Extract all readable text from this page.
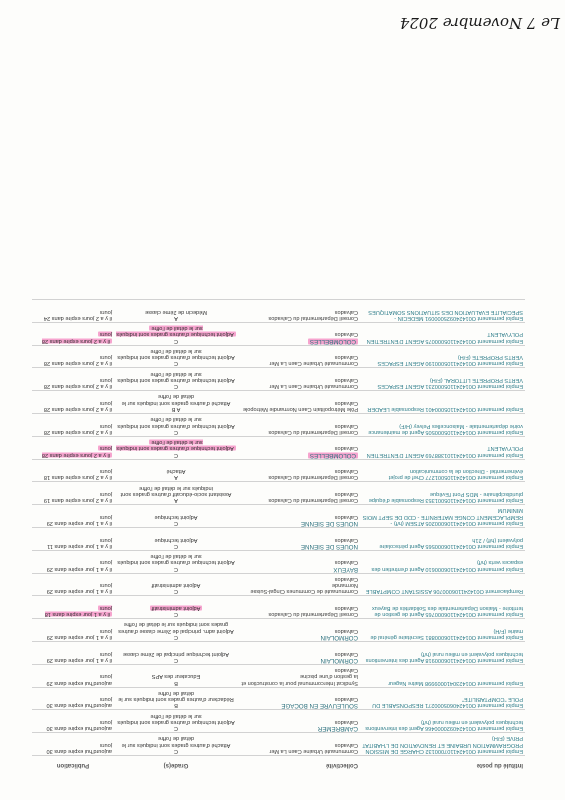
Intitulé du poste
Collectivité
Grade(s)
Publication
Emploi permanent O014241107000132 CHARGE DE MISSION PROGRAMMATION URBAINE ET RENOVATION DE L'HABITAT PRIVE (F/H)
Communauté Urbaine Caen La Mer
Calvados
C
Attaché d'autres grades sont indiqués sur le détail de l'offre
aujourd'hui expire dans 30 jours
Emploi permanent O014240920000466 Agent des interventions techniques polyvalent en milieu rural (h/f)
CAMBREMER
Calvados
C
Adjoint technique d'autres grades sont indiqués sur le détail de l'offre
aujourd'hui expire dans 30 jours
Emploi permanent O014240605000271 RESPONSABLE DU POLE "COMPTABILITE"
SOULEUVRE EN BOCAGE
Calvados
B
Rédacteur d'autres grades sont indiqués sur le détail de l'offre
aujourd'hui expire dans 30 jours
Emploi permanent O014230410009998 Maitre Nageur
Syndicat Intercommunal pour la construction et la gestion d'une piscine
Calvados
B
Educateur des APS
aujourd'hui expire dans 29 jours
Emploi permanent O014241106000918 Agent des interventions techniques polyvalent en milieu rural (h/f)
CORMOLAIN
Calvados
C
Adjoint technique principal de 2ème classe
il y a 1 jour expire dans 29 jours
Emploi permanent O014241106000881 Secrétaire général de mairie (F/H)
CORMOLAIN
Calvados
C
Adjoint adm. principal de 2ème classe d'autres grades sont indiqués sur le détail de l'offre
il y a 1 jour expire dans 29 jours
Emploi permanent O014241106000765 Agent de gestion de territoire - Maison Départementale des Solidarités de Bayeux
Conseil Départemental du Calvados
Calvados
C
Adjoint administratif
il y a 1 jour expire dans 18 jours
Remplacement O014241106000706 ASSISTANT COMPTABLE
Communauté de Communes Cingal-Suisse Normande
Calvados
C
Adjoint administratif
il y a 1 jour expire dans 29 jours
Emploi permanent O014241106000610 Agent d'entretien des espaces verts (h/f)
BAYEUX
Calvados
C
Adjoint technique d'autres grades sont indiqués sur le détail de l'offre
il y a 1 jour expire dans 29 jours
Emploi permanent O014241106000565 Agent périscolaire polyvalent (h/f) / 21h
NOUES DE SIENNE
Calvados
C
Adjoint technique
il y a 1 jour expire dans 11 jours
Emploi permanent O014241106000205 ATSEM (h/f) - REMPLACEMENT CONGE MATERNITE - CDD DE SEPT MOIS MINIMUM
NOUES DE SIENNE
Calvados
C
Adjoint technique
il y a 1 jour expire dans 29 jours
Emploi permanent O014241105001353 Responsable d'équipe pluridisciplinaire - MDS Pont l'Evêque
Conseil Départemental du Calvados
Calvados
A
Assistant socio-éducatif d'autres grades sont indiqués sur le détail de l'offre
il y a 2 jours expire dans 19 jours
Emploi permanent O014241105001277 Chef de projet événementiel - Direction de la communication
Conseil Départemental du Calvados
Calvados
A
Attaché
il y a 2 jours expire dans 18 jours
Emploi permanent O014241101388769 AGENT D'ENTRETIEN POLYVALENT
COLOMBELLES
Calvados
C
Adjoint technique d'autres grades sont indiqués sur le détail de l'offre
il y a 2 jours expire dans 28 jours
Emploi permanent O014241105000505 Agent de maintenance voirie départementale - Maisoncelles Pelvey (H/F)
Conseil Départemental du Calvados
Calvados
C
Adjoint technique d'autres grades sont indiqués sur le détail de l'offre
il y a 2 jours expire dans 28 jours
Emploi permanent O014241105000401 Responsable LEADER
Pôle Métropolitain Caen Normandie Métropole
Calvados
A B
Attaché d'autres grades sont indiqués sur le détail de l'offre
il y a 2 jours expire dans 28 jours
Emploi permanent O014241105000231 AGENT ESPACES VERTS PROPRETE LITTORAL (F/H)
Communauté Urbaine Caen La Mer
Calvados
C
Adjoint technique d'autres grades sont indiqués sur le détail de l'offre
il y a 2 jours expire dans 28 jours
Emploi permanent O014241105000190 AGENT ESPACES VERTS PROPRETE (F/H)
Communauté Urbaine Caen La Mer
Calvados
C
Adjoint technique d'autres grades sont indiqués sur le détail de l'offre
il y a 2 jours expire dans 28 jours
Emploi permanent O014241105000075 AGENT D'ENTRETIEN POLYVALENT
COLOMBELLES
Calvados
C
Adjoint technique d'autres grades sont indiqués sur le détail de l'offre
il y a 2 jours expire dans 28 jours
Emploi permanent O014240925000091 MEDECIN - SPECIALITE EVALUATION DES SITUATIONS SOMATIQUES
Conseil Départemental du Calvados
Calvados
A
Médecin de 2ème classe
il y a 2 jours expire dans 24 jours
Le 7 Novembre 2024
